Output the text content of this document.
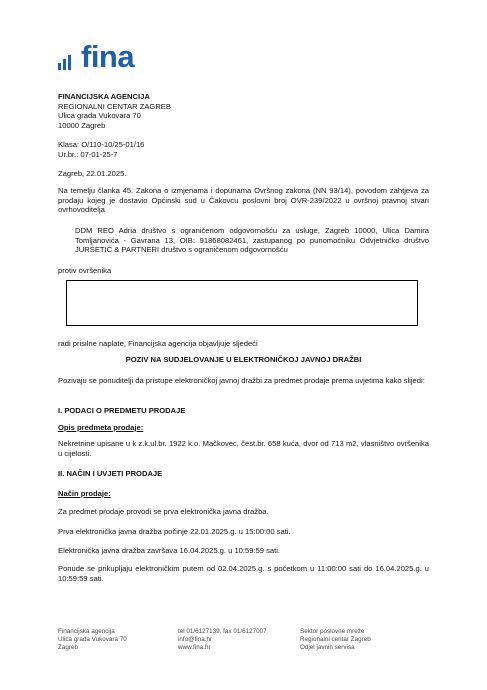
fina
FINANCIJSKA AGENCIJA
REGIONALNI CENTAR ZAGREB
Ulica grada Vukovara 70
10000 Zagreb
Klasa: O/110-10/25-01/16
Ur.br.: 07-01-25-7
Zagreb, 22.01.2025.
Na temelju članka 45. Zakona o izmjenama i dopunama Ovršnog zakona (NN 93/14), povodom zahtjeva za prodaju kojeg je dostavio Općinski sud u Čakovcu poslovni broj OVR-239/2022 u ovršnoj pravnoj stvari ovrhovoditelja
DDM REO Adria društvo s ograničenom odgovornošću za usluge, Zagreb 10000, Ulica Damira Tomljanovića - Gavrana 13, OIB: 91868082461, zastupanog po punomoćniku Odvjetničko društvo JURŠETIĆ & PARTNERI društvo s ograničenom odgovornošću
protiv ovršenika
radi prisilne naplate, Financijska agencija objavljuje sljedeći
POZIV NA SUDJELOVANJE U ELEKTRONIČKOJ JAVNOJ DRAŽBI
Pozivaju se ponuditelji da pristupe elektroničkoj javnoj dražbi za predmet prodaje prema uvjetima kako slijedi:
I. PODACI O PREDMETU PRODAJE
Opis predmeta prodaje:
Nekretnine upisane u k z.k.ul.br. 1922 k.o. Mačkovec, čest.br. 658 kuća, dvor od 713 m2, vlasništvo ovršenika u cijelosti.
II. NAČIN I UVJETI PRODAJE
Način prodaje:
Za predmet prodaje provodi se prva elektronička javna dražba.
Prva elektronička javna dražba počinje 22.01.2025.g. u 15:00:00 sati.
Elektronička javna dražba završava 16.04.2025.g. u 10:59:59 sati.
Ponude se prikupljaju elektroničkim putem od 02.04.2025.g. s početkom u 11:00:00 sati do 16.04.2025.g. u 10:59:59 sati.
Financijska agencija
Ulica grada Vukovara 70
Zagreb
tel 01/6127139, fax 01/6127007
info@fina.hr
www.fina.hr
Sektor poslovne mreže
Regionalni centar Zagreb
Odjel javnih servisa
